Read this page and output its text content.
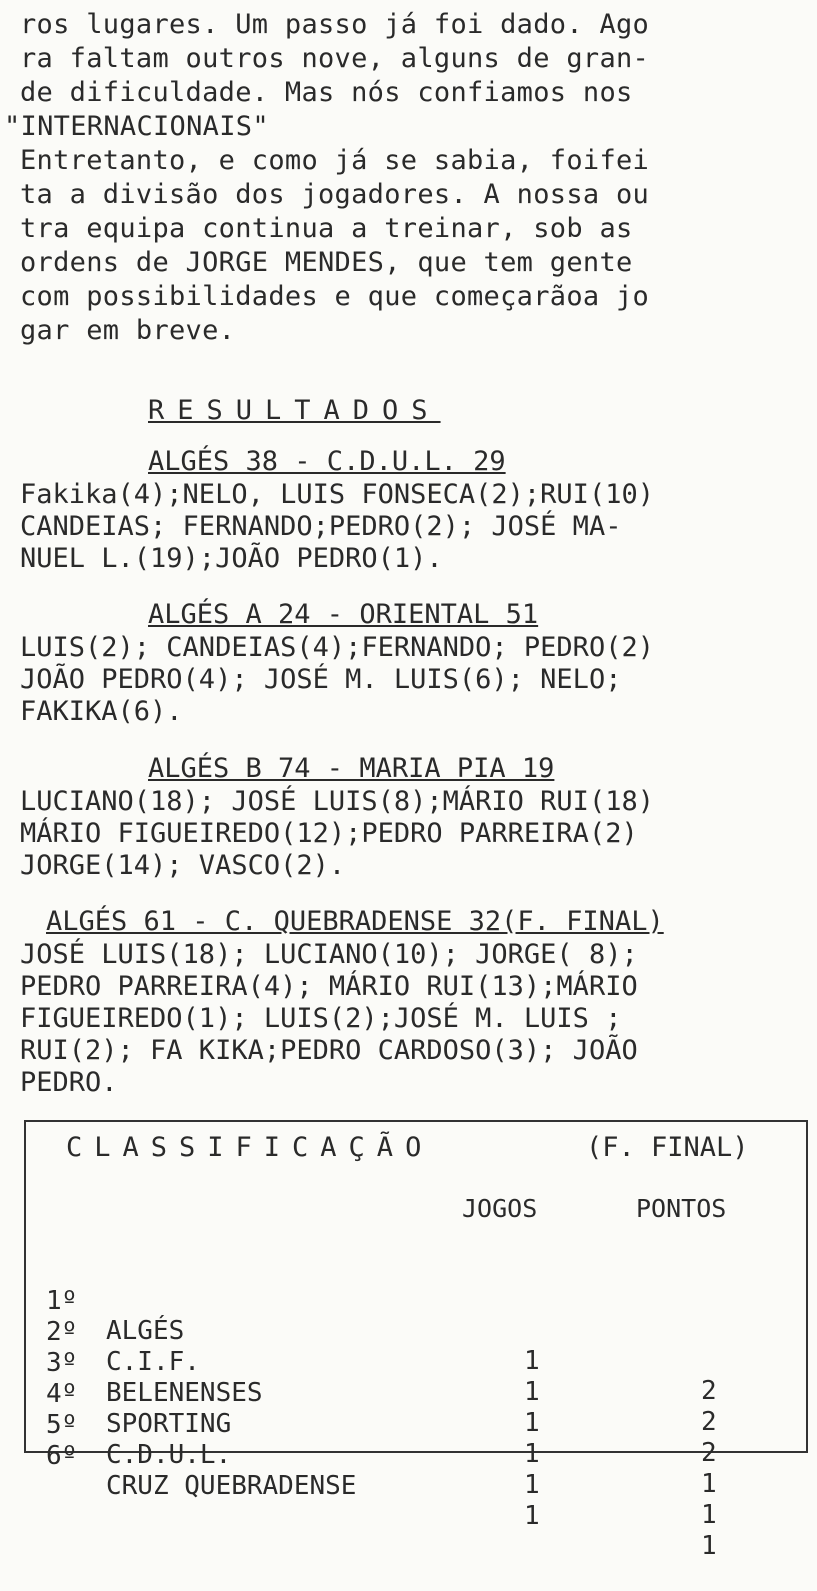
ros lugares. Um passo já foi dado. Ago
ra faltam outros nove, alguns de gran-
de dificuldade. Mas nós confiamos nos
"INTERNACIONAIS"
Entretanto, e como já se sabia, foifei
ta a divisão dos jogadores. A nossa ou
tra equipa continua a treinar, sob as
ordens de JORGE MENDES, que tem gente
com possibilidades e que começarãoa jo
gar em breve.
RESULTADOS
ALGÉS 38 - C.D.U.L. 29
Fakika(4);NELO, LUIS FONSECA(2);RUI(10)
CANDEIAS; FERNANDO;PEDRO(2); JOSÉ MA-
NUEL L.(19);JOÃO PEDRO(1).
ALGÉS A 24 - ORIENTAL 51
LUIS(2); CANDEIAS(4);FERNANDO; PEDRO(2)
JOÃO PEDRO(4); JOSÉ M. LUIS(6); NELO;
FAKIKA(6).
ALGÉS B 74 - MARIA PIA 19
LUCIANO(18); JOSÉ LUIS(8);MÁRIO RUI(18)
MÁRIO FIGUEIREDO(12);PEDRO PARREIRA(2)
JORGE(14); VASCO(2).
ALGÉS 61 - C. QUEBRADENSE 32(F. FINAL)
JOSÉ LUIS(18); LUCIANO(10); JORGE( 8);
PEDRO PARREIRA(4); MÁRIO RUI(13);MÁRIO
FIGUEIREDO(1); LUIS(2);JOSÉ M. LUIS ;
RUI(2); FA KIKA;PEDRO CARDOSO(3); JOÃO
PEDRO.
CLASSIFICAÇÃO	(F. FINAL)
JOGOS	PONTOS

1º

ALGÉS

1

2

2º

C.I.F.

1

2

3º

BELENENSES

1

2

4º

SPORTING

1

1

5º

C.D.U.L.

1

1

6º

CRUZ QUEBRADENSE

1

1
